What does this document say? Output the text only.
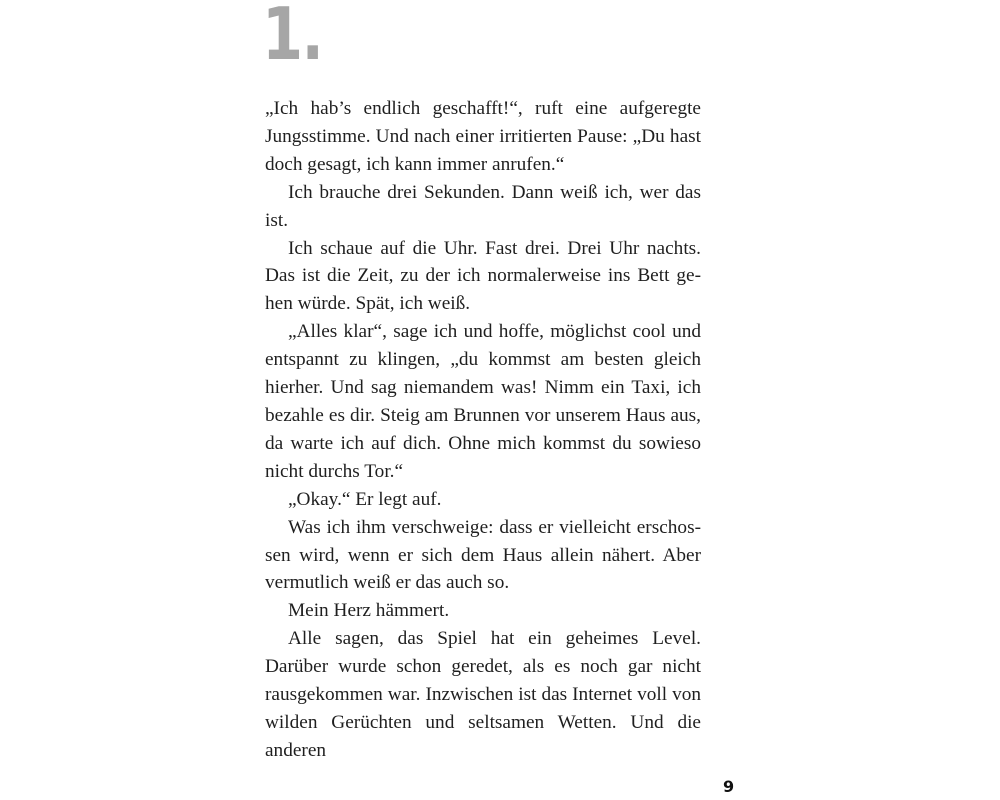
1.

„Ich hab’s endlich geschafft!“, ruft eine aufgeregte Jungsstimme. Und nach einer irritierten Pause: „Du hast doch gesagt, ich kann immer anrufen.“

Ich brauche drei Sekunden. Dann weiß ich, wer das ist.

Ich schaue auf die Uhr. Fast drei. Drei Uhr nachts. Das ist die Zeit, zu der ich normalerweise ins Bett gehen würde. Spät, ich weiß.

„Alles klar“, sage ich und hoffe, möglichst cool und entspannt zu klingen, „du kommst am besten gleich hierher. Und sag niemandem was! Nimm ein Taxi, ich bezahle es dir. Steig am Brunnen vor unserem Haus aus, da warte ich auf dich. Ohne mich kommst du sowieso nicht durchs Tor.“

„Okay.“ Er legt auf.

Was ich ihm verschweige: dass er vielleicht erschossen wird, wenn er sich dem Haus allein nähert. Aber vermutlich weiß er das auch so.

Mein Herz hämmert.

Alle sagen, das Spiel hat ein geheimes Level. Darüber wurde schon geredet, als es noch gar nicht rausgekommen war. Inzwischen ist das Internet voll von wilden Gerüchten und seltsamen Wetten. Und die anderen

9
